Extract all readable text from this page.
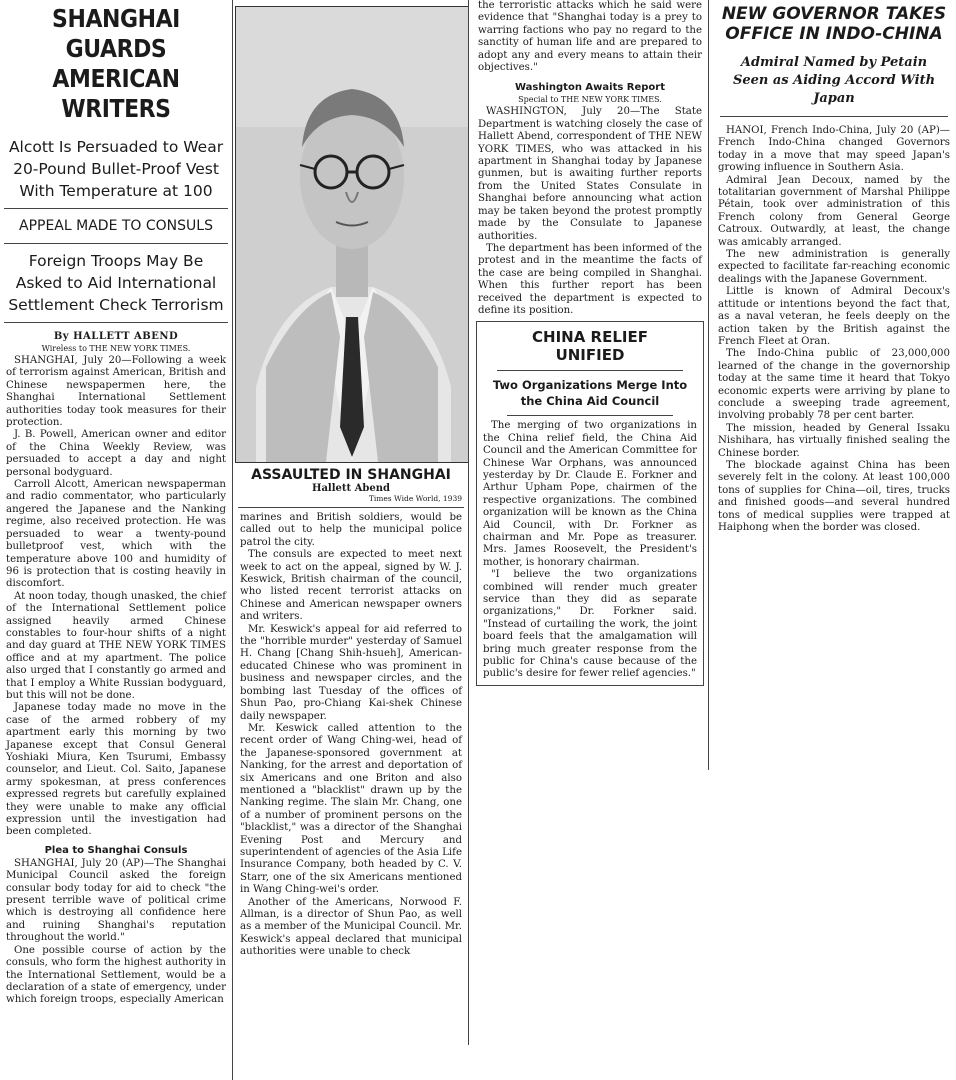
SHANGHAI GUARDS AMERICAN WRITERS
Alcott Is Persuaded to Wear 20-Pound Bullet-Proof Vest With Temperature at 100
APPEAL MADE TO CONSULS
Foreign Troops May Be Asked to Aid International Settlement Check Terrorism
By HALLETT ABEND
Wireless to THE NEW YORK TIMES.

SHANGHAI, July 20—Following a week of terrorism against American, British and Chinese newspapermen here, the Shanghai International Settlement authorities today took measures for their protection.

J. B. Powell, American owner and editor of the China Weekly Review, was persuaded to accept a day and night personal bodyguard.

Carroll Alcott, American newspaperman and radio commentator, who particularly angered the Japanese and the Nanking regime, also received protection. He was persuaded to wear a twenty-pound bulletproof vest, which with the temperature above 100 and humidity of 96 is protection that is costing heavily in discomfort.

At noon today, though unasked, the chief of the International Settlement police assigned heavily armed Chinese constables to four-hour shifts of a night and day guard at THE NEW YORK TIMES office and at my apartment. The police also urged that I constantly go armed and that I employ a White Russian bodyguard, but this will not be done.

Japanese today made no move in the case of the armed robbery of my apartment early this morning by two Japanese except that Consul General Yoshiaki Miura, Ken Tsurumi, Embassy counselor, and Lieut. Col. Saito, Japanese army spokesman, at press conferences expressed regrets but carefully explained they were unable to make any official expression until the investigation had been completed.

Plea to Shanghai Consuls

SHANGHAI, July 20 (AP)—The Shanghai Municipal Council asked the foreign consular body today for aid to check "the present terrible wave of political crime which is destroying all confidence here and ruining Shanghai's reputation throughout the world."

One possible course of action by the consuls, who form the highest authority in the International Settlement, would be a declaration of a state of emergency, under which foreign troops, especially American

ASSAULTED IN SHANGHAI
Hallett Abend
Times Wide World, 1939

marines and British soldiers, would be called out to help the municipal police patrol the city.

The consuls are expected to meet next week to act on the appeal, signed by W. J. Keswick, British chairman of the council, who listed recent terrorist attacks on Chinese and American newspaper owners and writers.

Mr. Keswick's appeal for aid referred to the "horrible murder" yesterday of Samuel H. Chang [Chang Shih-hsueh], American-educated Chinese who was prominent in business and newspaper circles, and the bombing last Tuesday of the offices of Shun Pao, pro-Chiang Kai-shek Chinese daily newspaper.

Mr. Keswick called attention to the recent order of Wang Ching-wei, head of the Japanese-sponsored government at Nanking, for the arrest and deportation of six Americans and one Briton and also mentioned a "blacklist" drawn up by the Nanking regime. The slain Mr. Chang, one of a number of prominent persons on the "blacklist," was a director of the Shanghai Evening Post and Mercury and superintendent of agencies of the Asia Life Insurance Company, both headed by C. V. Starr, one of the six Americans mentioned in Wang Ching-wei's order.

Another of the Americans, Norwood F. Allman, is a director of Shun Pao, as well as a member of the Municipal Council. Mr. Keswick's appeal declared that municipal authorities were unable to check

the terroristic attacks which he said were evidence that "Shanghai today is a prey to warring factions who pay no regard to the sanctity of human life and are prepared to adopt any and every means to attain their objectives."

Washington Awaits Report
Special to THE NEW YORK TIMES.

WASHINGTON, July 20—The State Department is watching closely the case of Hallett Abend, correspondent of THE NEW YORK TIMES, who was attacked in his apartment in Shanghai today by Japanese gunmen, but is awaiting further reports from the United States Consulate in Shanghai before announcing what action may be taken beyond the protest promptly made by the Consulate to Japanese authorities.

The department has been informed of the protest and in the meantime the facts of the case are being compiled in Shanghai. When this further report has been received the department is expected to define its position.

CHINA RELIEF UNIFIED
Two Organizations Merge Into the China Aid Council

The merging of two organizations in the China relief field, the China Aid Council and the American Committee for Chinese War Orphans, was announced yesterday by Dr. Claude E. Forkner and Arthur Upham Pope, chairmen of the respective organizations. The combined organization will be known as the China Aid Council, with Dr. Forkner as chairman and Mr. Pope as treasurer. Mrs. James Roosevelt, the President's mother, is honorary chairman.

"I believe the two organizations combined will render much greater service than they did as separate organizations," Dr. Forkner said. "Instead of curtailing the work, the joint board feels that the amalgamation will bring much greater response from the public for China's cause because of the public's desire for fewer relief agencies."

NEW GOVERNOR TAKES OFFICE IN INDO-CHINA
Admiral Named by Petain Seen as Aiding Accord With Japan

HANOI, French Indo-China, July 20 (AP)—French Indo-China changed Governors today in a move that may speed Japan's growing influence in Southern Asia.

Admiral Jean Decoux, named by the totalitarian government of Marshal Philippe Pétain, took over administration of this French colony from General George Catroux. Outwardly, at least, the change was amicably arranged.

The new administration is generally expected to facilitate far-reaching economic dealings with the Japanese Government.

Little is known of Admiral Decoux's attitude or intentions beyond the fact that, as a naval veteran, he feels deeply on the action taken by the British against the French Fleet at Oran.

The Indo-China public of 23,000,000 learned of the change in the governorship today at the same time it heard that Tokyo economic experts were arriving by plane to conclude a sweeping trade agreement, involving probably 78 per cent barter.

The mission, headed by General Issaku Nishihara, has virtually finished sealing the Chinese border.

The blockade against China has been severely felt in the colony. At least 100,000 tons of supplies for China—oil, tires, trucks and finished goods—and several hundred tons of medical supplies were trapped at Haiphong when the border was closed.
